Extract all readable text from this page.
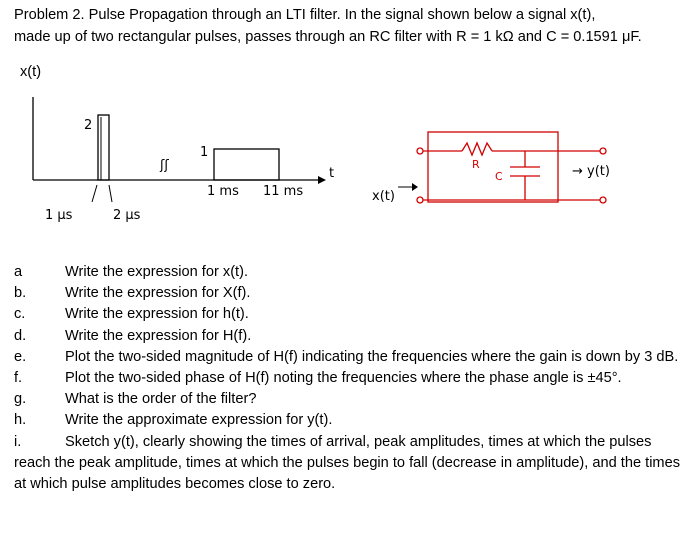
Problem 2. Pulse Propagation through an LTI filter. In the signal shown below a signal x(t),
made up of two rectangular pulses, passes through an RC filter with R = 1 kΩ and C = 0.1591 μF.

x(t)
t
2
ʃʃ
1
1 μs	2 μs
1 ms 11 ms
R
C
x(t)
→ y(t)
a	Write the expression for x(t).
b.	Write the expression for X(f).
c.	Write the expression for h(t).
d.	Write the expression for H(f).
e.	Plot the two-sided magnitude of H(f) indicating the frequencies where the gain is down by 3 dB.
f.	Plot the two-sided phase of H(f) noting the frequencies where the phase angle is ±45°.
g.	What is the order of the filter?
h.	Write the approximate expression for y(t).
i.	Sketch y(t), clearly showing the times of arrival, peak amplitudes, times at which the pulses reach the peak amplitude, times at which the pulses begin to fall (decrease in amplitude), and the times at which pulse amplitudes becomes close to zero.
